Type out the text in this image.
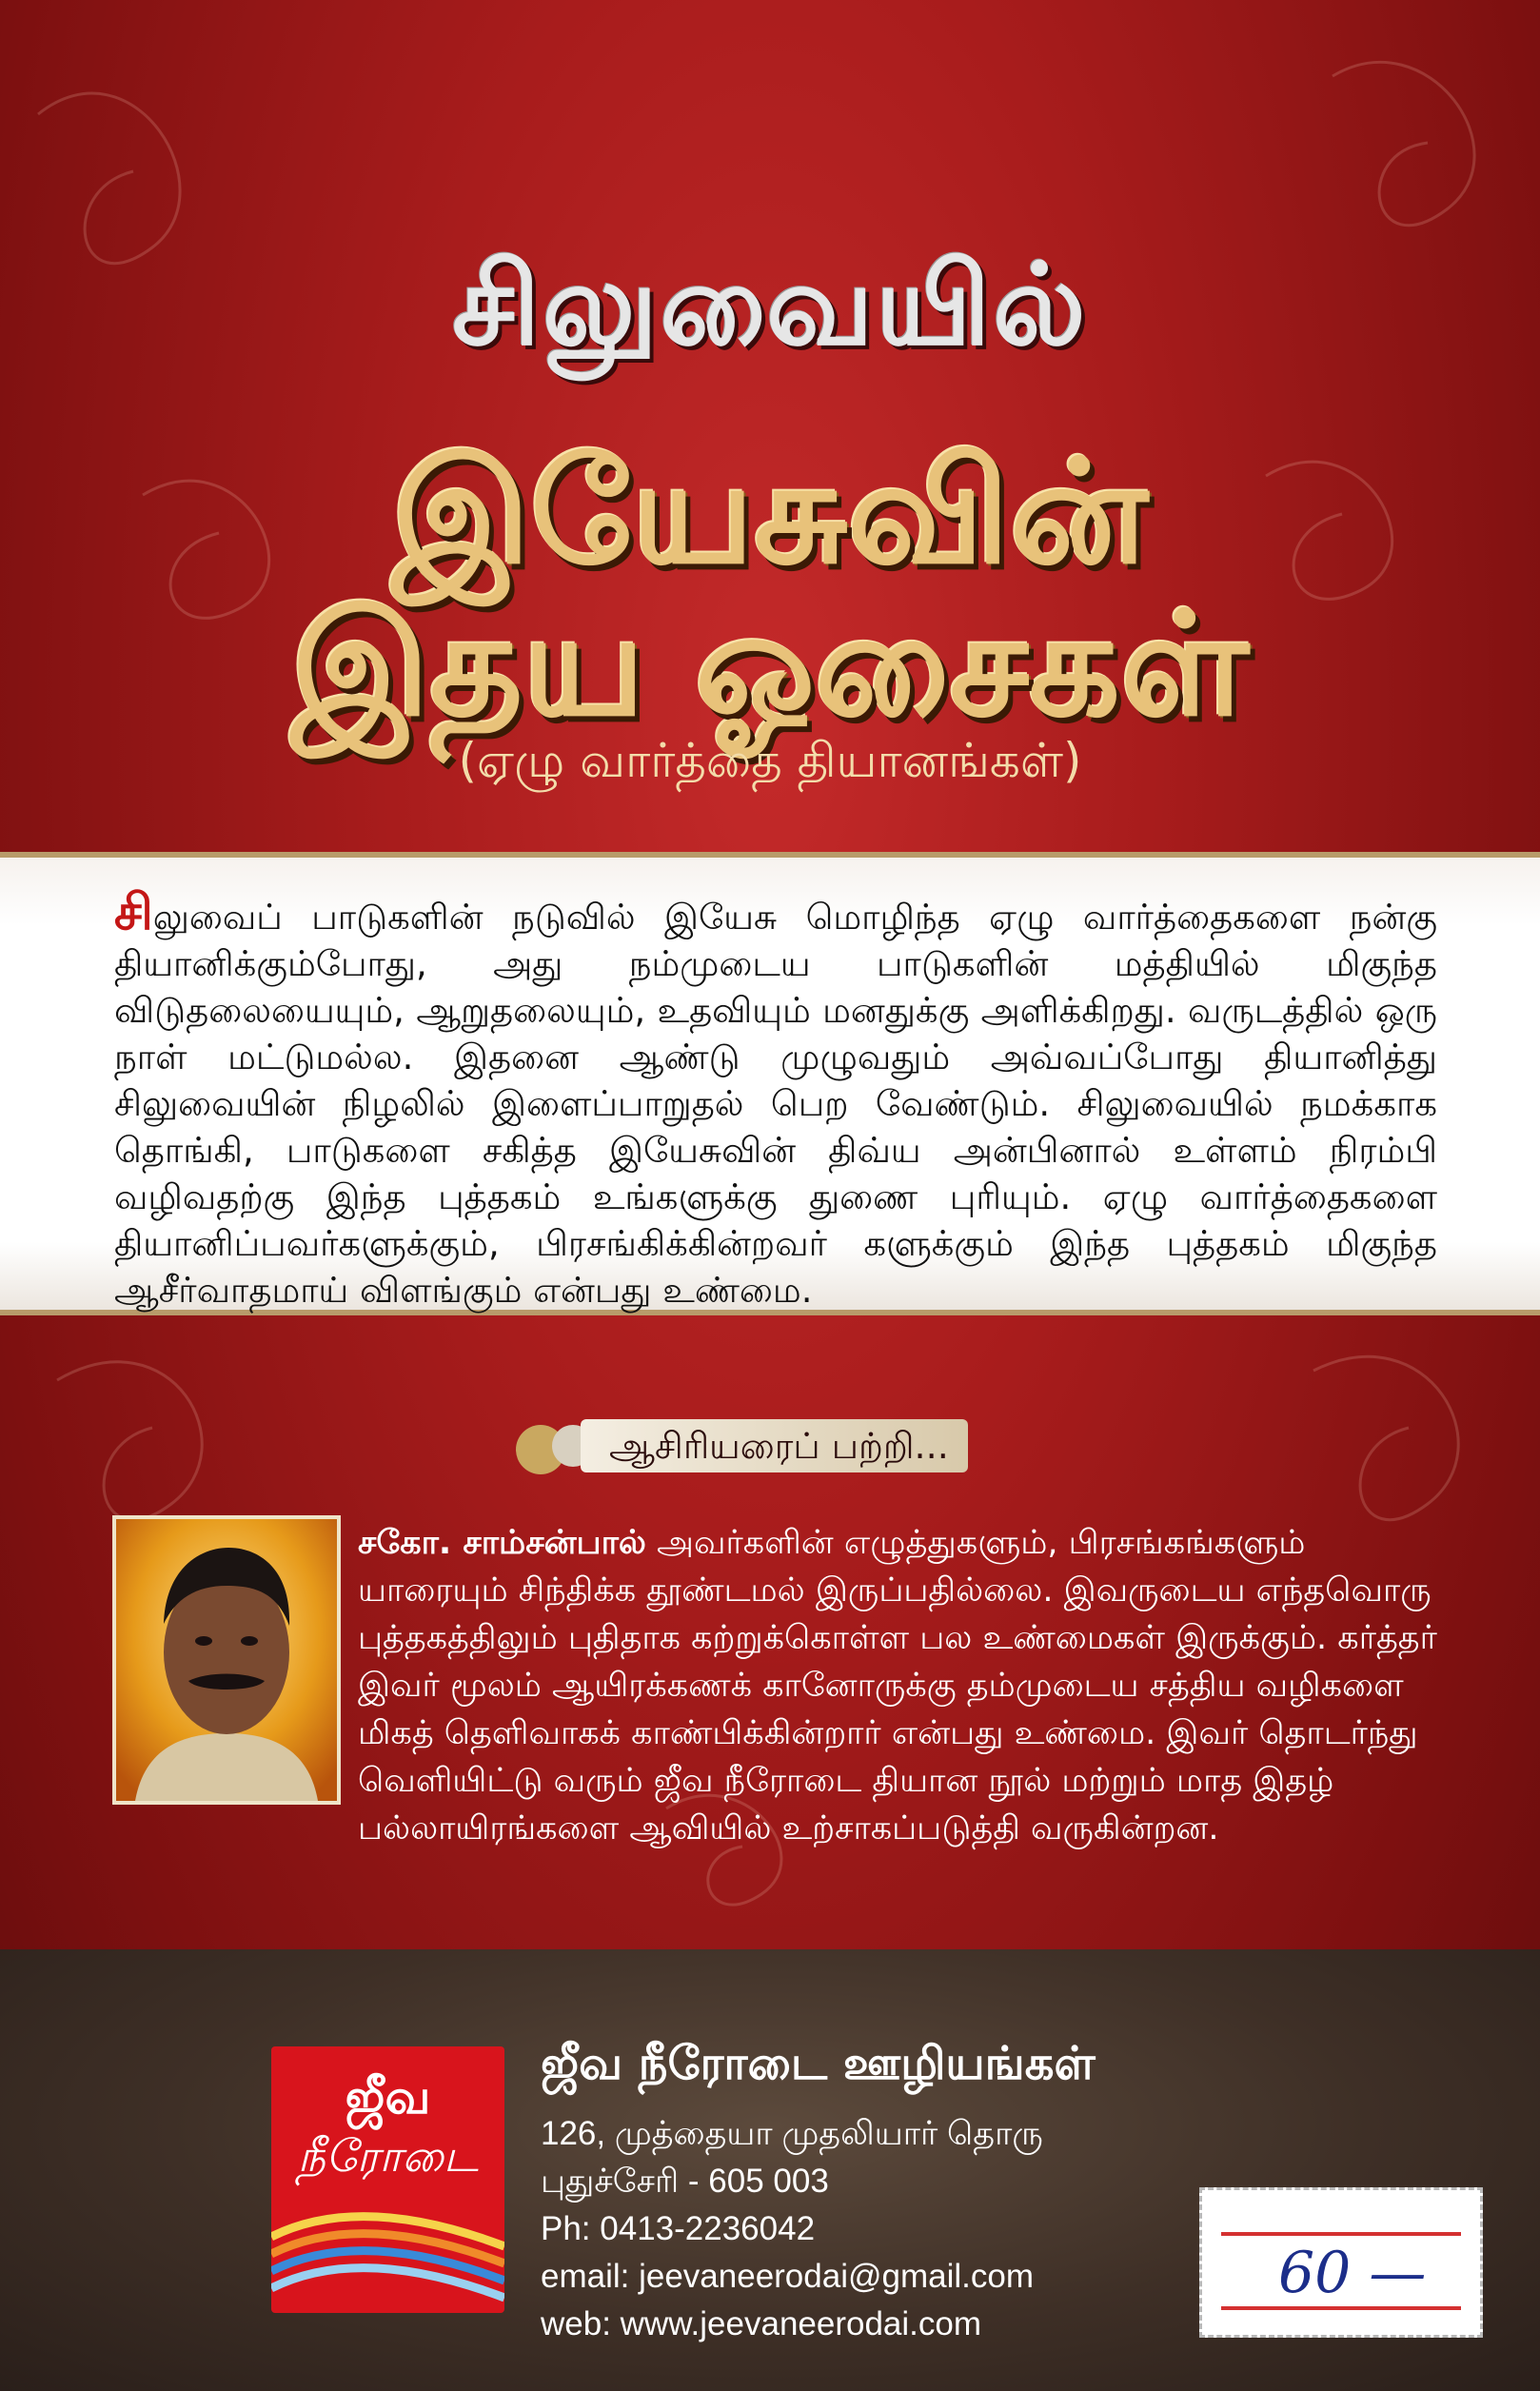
சிலுவையில்
இயேசுவின்
இதய ஓசைகள்
(ஏழு வார்த்தை தியானங்கள்)
சிலுவைப் பாடுகளின் நடுவில் இயேசு மொழிந்த ஏழு வார்த்தைகளை நன்கு தியானிக்கும்போது, அது நம்முடைய பாடுகளின் மத்தியில் மிகுந்த விடுதலையையும், ஆறுதலையும், உதவியும் மனதுக்கு அளிக்கிறது. வருடத்தில் ஒரு நாள் மட்டுமல்ல. இதனை ஆண்டு முழுவதும் அவ்வப்போது தியானித்து சிலுவையின் நிழலில் இளைப்பாறுதல் பெற வேண்டும். சிலுவையில் நமக்காக தொங்கி, பாடுகளை சகித்த இயேசுவின் திவ்ய அன்பினால் உள்ளம் நிரம்பி வழிவதற்கு இந்த புத்தகம் உங்களுக்கு துணை புரியும். ஏழு வார்த்தைகளை தியானிப்பவர்களுக்கும், பிரசங்கிக்கின்றவர் களுக்கும் இந்த புத்தகம் மிகுந்த ஆசீர்வாதமாய் விளங்கும் என்பது உண்மை.
ஆசிரியரைப் பற்றி...
சகோ. சாம்சன்பால் அவர்களின் எழுத்துகளும், பிரசங்கங்களும் யாரையும் சிந்திக்க தூண்டமல் இருப்பதில்லை. இவருடைய எந்தவொரு புத்தகத்திலும் புதிதாக கற்றுக்கொள்ள பல உண்மைகள் இருக்கும். கர்த்தர் இவர் மூலம் ஆயிரக்கணக் கானோருக்கு தம்முடைய சத்திய வழிகளை மிகத் தெளிவாகக் காண்பிக்கின்றார் என்பது உண்மை. இவர் தொடர்ந்து வெளியிட்டு வரும் ஜீவ நீரோடை தியான நூல் மற்றும் மாத இதழ் பல்லாயிரங்களை ஆவியில் உற்சாகப்படுத்தி வருகின்றன.
ஜீவ
நீரோடை
ஜீவ நீரோடை ஊழியங்கள்
126, முத்தையா முதலியார் தொரு
புதுச்சேரி - 605 003
Ph: 0413-2236042
email: jeevaneerodai@gmail.com
web: www.jeevaneerodai.com
60 —
